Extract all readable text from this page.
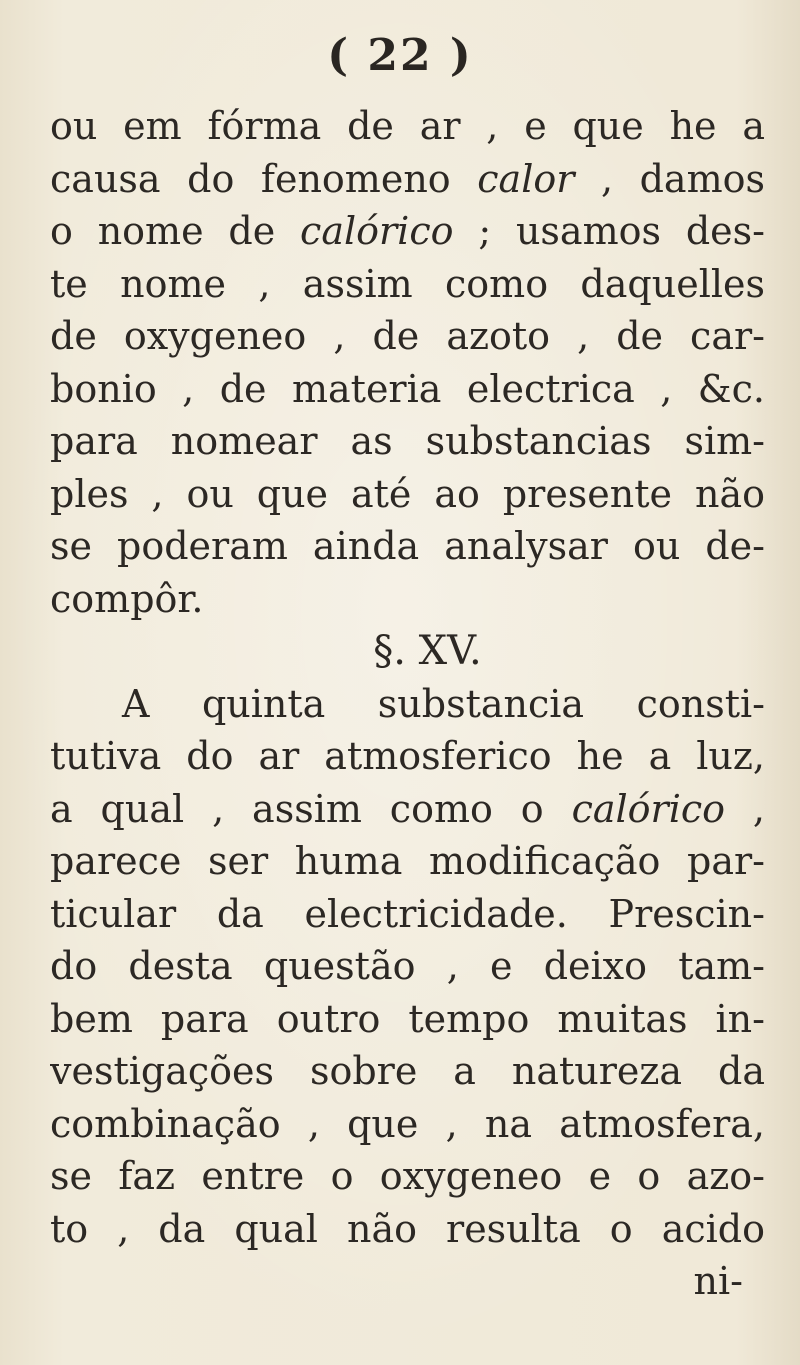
( 22 )
ou em fórma de ar , e que he a
causa do fenomeno calor , damos
o nome de calórico ; usamos des-
te nome , assim como daquelles
de oxygeneo , de azoto , de car-
bonio , de materia electrica , &c.
para nomear as substancias sim-
ples , ou que até ao presente não
se poderam ainda analysar ou de-
compôr.
§. XV.
A quinta substancia consti-
tutiva do ar atmosferico he a luz,
a qual , assim como o calórico ,
parece ser huma modificação par-
ticular da electricidade. Prescin-
do desta questão , e deixo tam-
bem para outro tempo muitas in-
vestigações sobre a natureza da
combinação , que , na atmosfera,
se faz entre o oxygeneo e o azo-
to , da qual não resulta o acido
ni-
